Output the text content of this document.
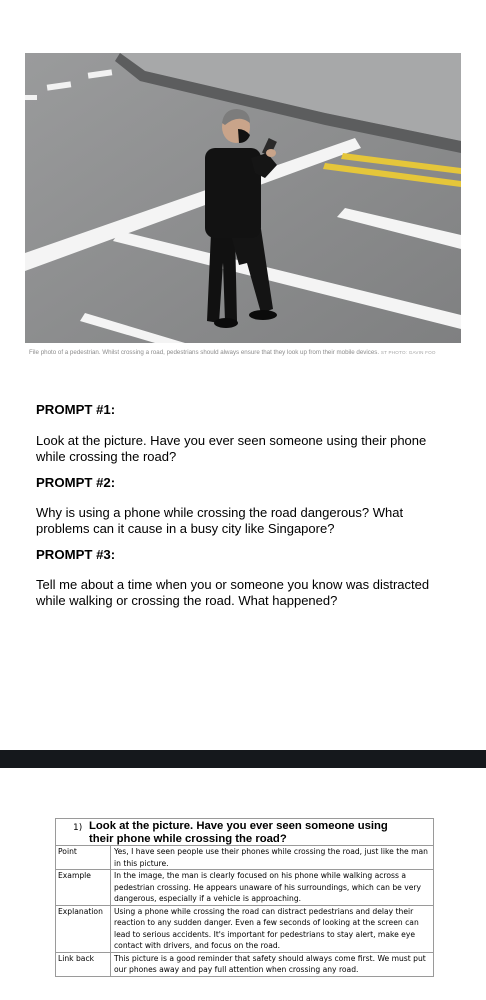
File photo of a pedestrian. Whilst crossing a road, pedestrians should always ensure that they look up from their mobile devices. ST PHOTO: GAVIN FOO

PROMPT #1:

Look at the picture. Have you ever seen someone using their phone while crossing the road?

PROMPT #2:

Why is using a phone while crossing the road dangerous? What problems can it cause in a busy city like Singapore?

PROMPT #3:

Tell me about a time when you or someone you know was distracted while walking or crossing the road. What happened?

1) Look at the picture. Have you ever seen someone using their phone while crossing the road?
Point	Yes, I have seen people use their phones while crossing the road, just like the man in this picture.
Example	In the image, the man is clearly focused on his phone while walking across a pedestrian crossing. He appears unaware of his surroundings, which can be very dangerous, especially if a vehicle is approaching.
Explanation	Using a phone while crossing the road can distract pedestrians and delay their reaction to any sudden danger. Even a few seconds of looking at the screen can lead to serious accidents. It's important for pedestrians to stay alert, make eye contact with drivers, and focus on the road.
Link back	This picture is a good reminder that safety should always come first. We must put our phones away and pay full attention when crossing any road.
